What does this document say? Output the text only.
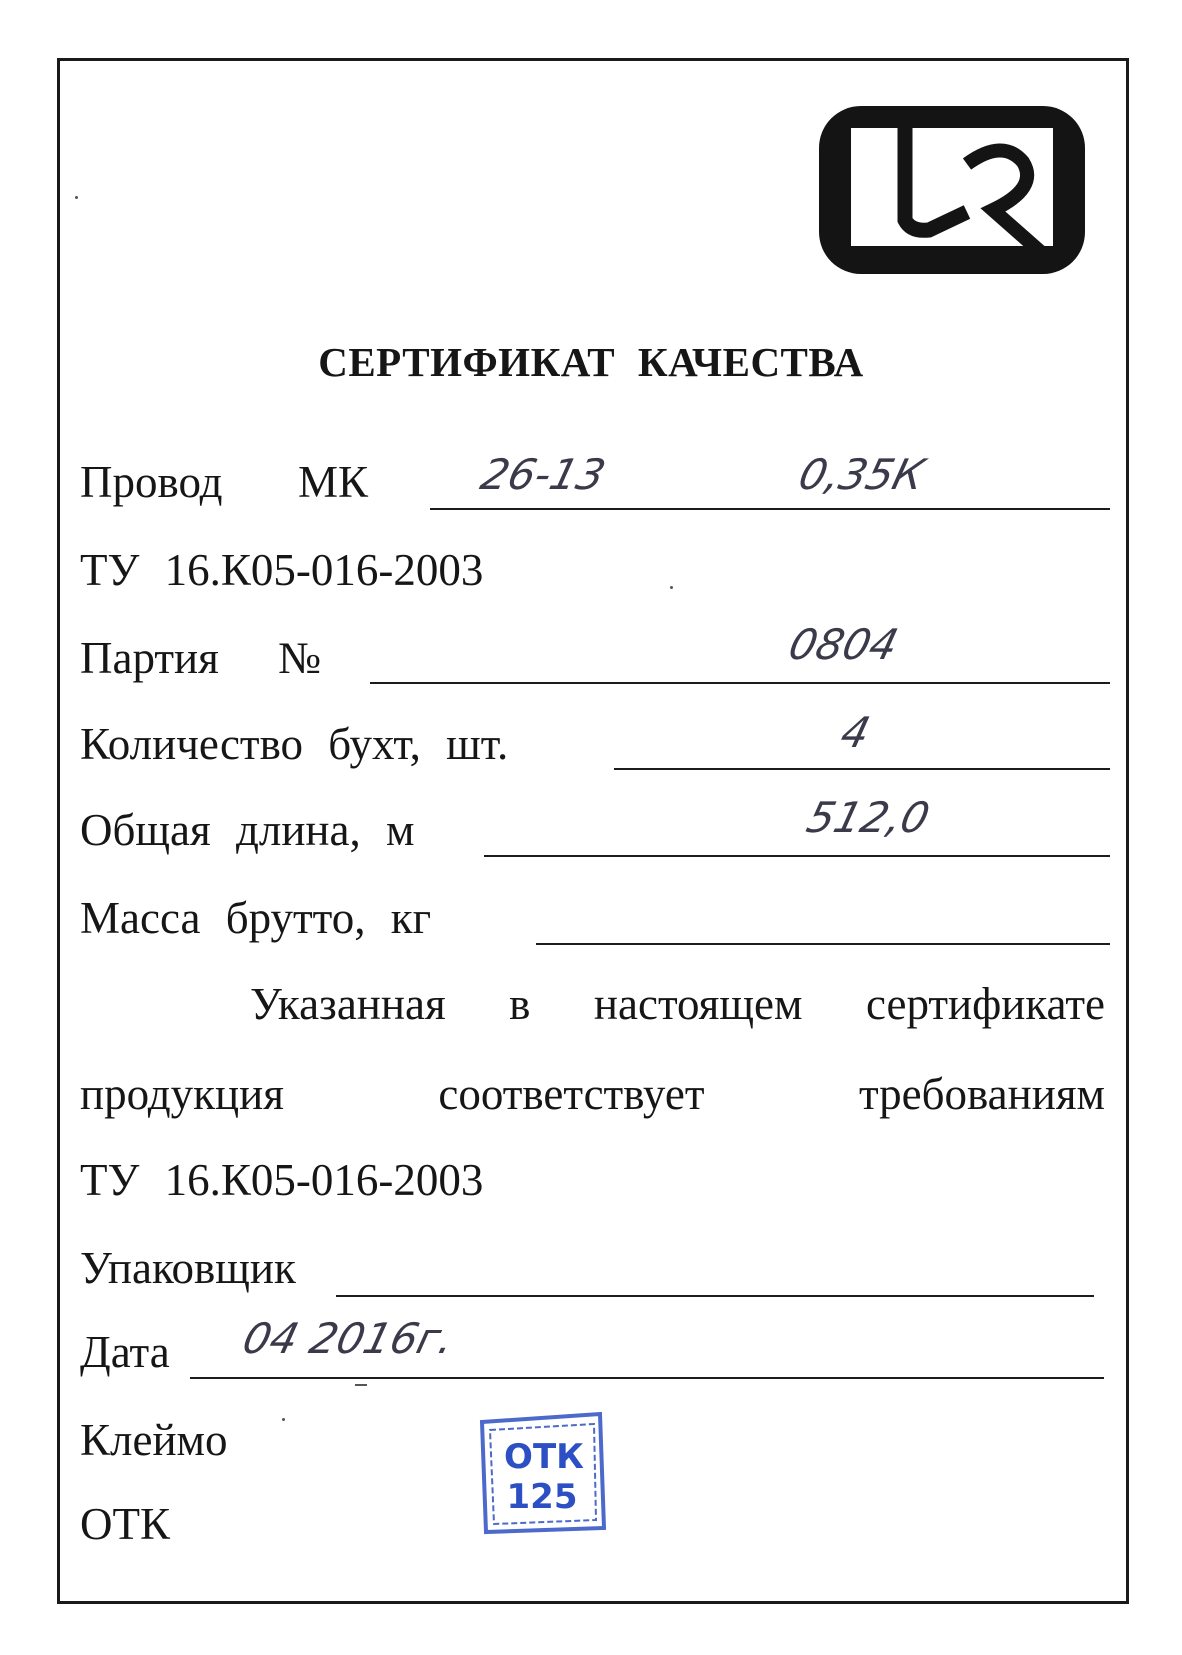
СЕРТИФИКАТ КАЧЕСТВА
Провод МК	26-13	0,35К
ТУ 16.К05-016-2003
Партия №	0804
Количество бухт, шт.	4
Общая длина, м	512,0
Масса брутто, кг
Указанная в настоящем сертификате
продукция соответствует требованиям
ТУ 16.К05-016-2003
Упаковщик
Дата 04 2016г.
Клеймо
ОТК
ОТК
125
